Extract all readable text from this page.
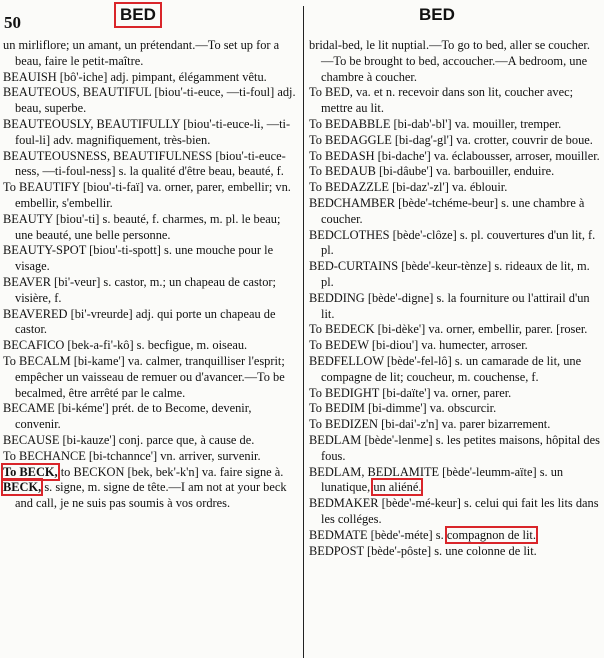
50	BED	BED

un mirliflore; un amant, un prétendant.—To set up for a beau, faire le petit-maître.

BEAUISH [bô'-iche] adj. pimpant, élégamment vêtu.

BEAUTEOUS, BEAUTIFUL [biou'-ti-euce, —ti-foul] adj. beau, superbe.

BEAUTEOUSLY, BEAUTIFULLY [biou'-ti-euce-li, —ti-foul-li] adv. magnifiquement, très-bien.

BEAUTEOUSNESS, BEAUTIFULNESS [biou'-ti-euce-ness, —ti-foul-ness] s. la qualité d'être beau, beauté, f.

To BEAUTIFY [biou'-ti-faï] va. orner, parer, embellir; vn. embellir, s'embellir.

BEAUTY [biou'-ti] s. beauté, f. charmes, m. pl. le beau; une beauté, une belle personne.

BEAUTY-SPOT [biou'-ti-spott] s. une mouche pour le visage.

BEAVER [bi'-veur] s. castor, m.; un chapeau de castor; visière, f.

BEAVERED [bi'-vreurde] adj. qui porte un chapeau de castor.

BECAFICO [bek-a-fi'-kô] s. becfigue, m. oiseau.

To BECALM [bi-kame'] va. calmer, tranquilliser l'esprit; empêcher un vaisseau de remuer ou d'avancer.—To be becalmed, être arrêté par le calme.

BECAME [bi-kéme'] prét. de to Become, devenir, convenir.

BECAUSE [bi-kauze'] conj. parce que, à cause de.

To BECHANCE [bi-tchannce'] vn. arriver, survenir.

To BECK, to BECKON [bek, bek'-k'n] va. faire signe à.

BECK, s. signe, m. signe de tête.—I am not at your beck and call, je ne suis pas soumis à vos ordres.

bridal-bed, le lit nuptial.—To go to bed, aller se coucher.—To be brought to bed, accoucher.—A bedroom, une chambre à coucher.

To BED, va. et n. recevoir dans son lit, coucher avec; mettre au lit.

To BEDABBLE [bi-dab'-bl'] va. mouiller, tremper.

To BEDAGGLE [bi-dag'-gl'] va. crotter, couvrir de boue.

To BEDASH [bi-dache'] va. éclabousser, arroser, mouiller.

To BEDAUB [bi-dâube'] va. barbouiller, enduire.

To BEDAZZLE [bi-daz'-zl'] va. éblouir.

BEDCHAMBER [bède'-tchéme-beur] s. une chambre à coucher.

BEDCLOTHES [bède'-clôze] s. pl. couvertures d'un lit, f. pl.

BED-CURTAINS [bède'-keur-tènze] s. rideaux de lit, m. pl.

BEDDING [bède'-digne] s. la fourniture ou l'attirail d'un lit.

To BEDECK [bi-dèke'] va. orner, embellir, parer. [roser.

To BEDEW [bi-diou'] va. humecter, arroser.

BEDFELLOW [bède'-fel-lô] s. un camarade de lit, une compagne de lit; coucheur, m. couchense, f.

To BEDIGHT [bi-daïte'] va. orner, parer.

To BEDIM [bi-dimme'] va. obscurcir.

To BEDIZEN [bi-dai'-z'n] va. parer bizarrement.

BEDLAM [bède'-lenme] s. les petites maisons, hôpital des fous.

BEDLAM, BEDLAMITE [bède'-leumm-aïte] s. un lunatique, un aliéné.

BEDMAKER [bède'-mé-keur] s. celui qui fait les lits dans les colléges.

BEDMATE [bède'-méte] s. compagnon de lit.

BEDPOST [bède'-pôste] s. une colonne de lit.
